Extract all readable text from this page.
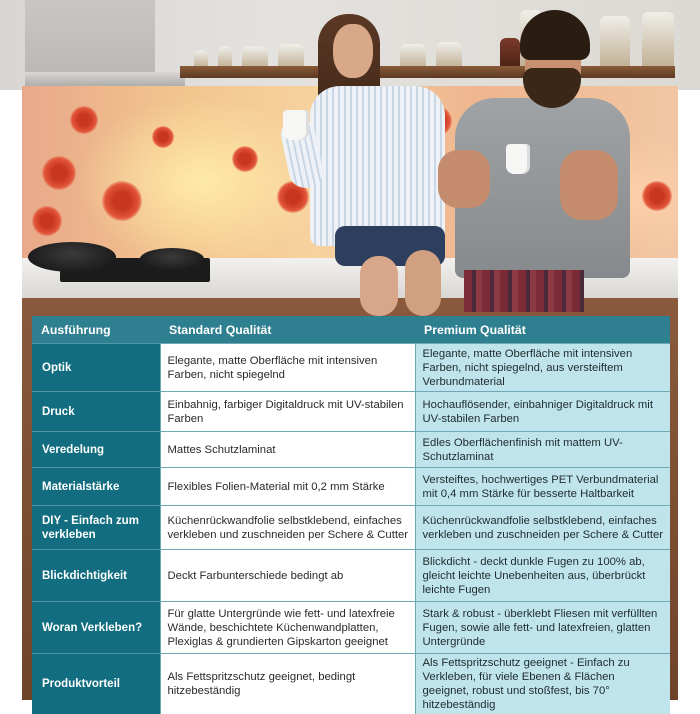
Ausführung	Standard Qualität	Premium Qualität

Optik	Elegante, matte Oberfläche mit intensiven Farben, nicht spiegelnd	Elegante, matte Oberfläche mit intensiven Farben, nicht spiegelnd, aus versteiftem Verbundmaterial

Druck	Einbahnig, farbiger Digitaldruck mit UV-stabilen Farben	Hochauflösender, einbahniger Digitaldruck mit UV-stabilen Farben

Veredelung	Mattes Schutzlaminat	Edles Oberflächenfinish mit mattem UV-Schutzlaminat

Materialstärke	Flexibles Folien-Material mit 0,2 mm Stärke	Versteiftes, hochwertiges PET Verbundmaterial mit 0,4 mm Stärke für besserte Haltbarkeit

DIY - Einfach zum verkleben	Küchenrückwandfolie selbstklebend, einfaches verkleben und zuschneiden per Schere & Cutter	Küchenrückwandfolie selbstklebend, einfaches verkleben und zuschneiden per Schere & Cutter

Blickdichtigkeit	Deckt Farbunterschiede bedingt ab	Blickdicht - deckt dunkle Fugen zu 100% ab, gleicht leichte Unebenheiten aus, überbrückt leichte Fugen

Woran Verkleben?	Für glatte Untergründe wie fett- und latexfreie Wände, beschichtete Küchenwandplatten, Plexiglas & grundierten Gipskarton geeignet	Stark & robust - überklebt Fliesen mit verfüllten Fugen, sowie alle fett- und latexfreien, glatten Untergründe

Produktvorteil	Als Fettspritzschutz geeignet, bedingt hitzebeständig	Als Fettspritzschutz geeignet - Einfach zu Verkleben, für viele Ebenen & Flächen geeignet, robust und stoßfest, bis 70° hitzebeständig
